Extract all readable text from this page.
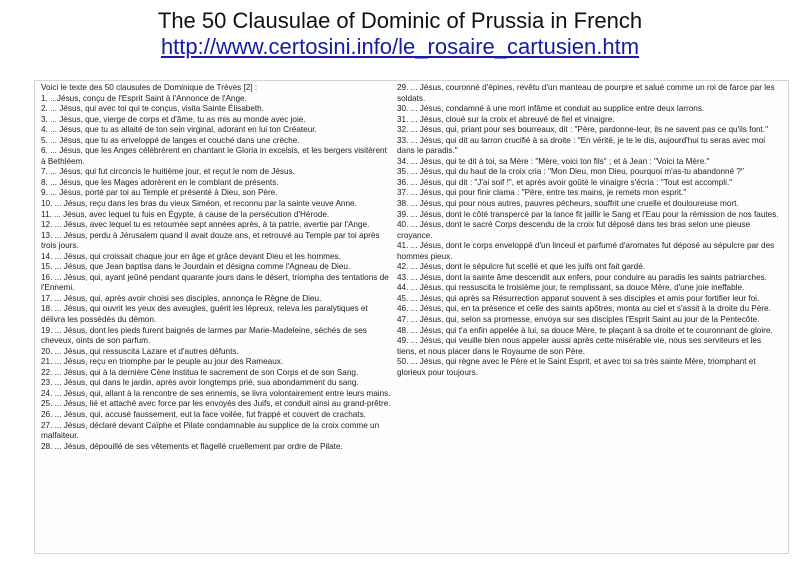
The 50 Clausulae of Dominic of Prussia in French
http://www.certosini.info/le_rosaire_cartusien.htm

Voici le texte des 50 clausules de Dominique de Trèves [2] :

1. ...Jésus, conçu de l'Esprit Saint à l'Annonce de l'Ange.

2. ... Jésus, qui avec toi qui te conçus, visita Sainte Élisabeth.

3. ... Jésus, que, vierge de corps et d'âme, tu as mis au monde avec joie.

4. ... Jésus, que tu as allaité de ton sein virginal, adorant en lui ton Créateur.

5. ... Jésus, que tu as enveloppé de langes et couché dans une crèche.

6. ... Jésus, que les Anges célébrèrent en chantant le Gloria in excelsis, et les bergers visitèrent à Bethléem.

7. ... Jésus, qui fut circoncis le huitième jour, et reçut le nom de Jésus.

8. ... Jésus, que les Mages adorèrent en le comblant de présents.

9. ... Jésus, porté par toi au Temple et présenté à Dieu, son Père.

10. ... Jésus, reçu dans les bras du vieux Siméon, et reconnu par la sainte veuve Anne.

11. ... Jésus, avec lequel tu fuis en Égypte, à cause de la persécution d'Hérode.

12. ... Jésus, avec lequel tu es retournée sept années après, à ta patrie, avertie par l'Ange.

13. ... Jésus, perdu à Jérusalem quand il avait douze ans, et retrouvé au Temple par toi après trois jours.

14. ... Jésus, qui croissait chaque jour en âge et grâce devant Dieu et les hommes.

15. ... Jésus, que Jean baptisa dans le Jourdain et désigna comme l'Agneau de Dieu.

16. ... Jésus, qui, ayant jeûné pendant quarante jours dans le désert, triompha des tentations de l'Ennemi.

17. ... Jésus, qui, après avoir choisi ses disciples, annonça le Règne de Dieu.

18. ... Jésus, qui ouvrit les yeux des aveugles, guérit les lépreux, releva les paralytiques et délivra les possédés du démon.

19. ... Jésus, dont les pieds furent baignés de larmes par Marie-Madeleine, séchés de ses cheveux, oints de son parfum.

20. ... Jésus, qui ressuscita Lazare et d'autres défunts.

21. ... Jésus, reçu en triomphe par le peuple au jour des Rameaux.

22. ... Jésus, qui à la dernière Cène institua le sacrement de son Corps et de son Sang.

23. ... Jésus, qui dans le jardin, après avoir longtemps prié, sua abondamment du sang.

24. ... Jésus, qui, allant à la rencontre de ses ennemis, se livra volontairement entre leurs mains.

25. ... Jésus, lié et attaché avec force par les envoyés des Juifs, et conduit ainsi au grand-prêtre.

26. ... Jésus, qui, accusé faussement, eut la face voilée, fut frappé et couvert de crachats.

27. ... Jésus, déclaré devant Caïphe et Pilate condamnable au supplice de la croix comme un malfaiteur.

28. ... Jésus, dépouillé de ses vêtements et flagellé cruellement par ordre de Pilate.

29. ... Jésus, couronné d'épines, revêtu d'un manteau de pourpre et salué comme un roi de farce par les soldats.

30. ... Jésus, condamné à une mort infâme et conduit au supplice entre deux larrons.

31. ... Jésus, cloué sur la croix et abreuvé de fiel et vinaigre.

32. ... Jésus, qui, priant pour ses bourreaux, dit : "Père, pardonne-leur, ils ne savent pas ce qu'ils font."

33. ... Jésus, qui dit au larron crucifié à sa droite : "En vérité, je te le dis, aujourd'hui tu seras avec moi dans le paradis."

34. ... Jésus, qui te dit à toi, sa Mère : "Mère, voici ton fils" ; et à Jean : "Voici ta Mère."

35. ... Jésus, qui du haut de la croix cria : "Mon Dieu, mon Dieu, pourquoi m'as-tu abandonné ?"

36. ... Jésus, qui dit : "J'ai soif !", et après avoir goûté le vinaigre s'écria : "Tout est accompli."

37. ... Jésus, qui pour finir clama : "Père, entre tes mains, je remets mon esprit."

38. ... Jésus, qui pour nous autres, pauvres pécheurs, souffrit une cruelle et douloureuse mort.

39. ... Jésus, dont le côté transpercé par la lance fit jaillir le Sang et l'Eau pour la rémission de nos fautes.

40. ... Jésus, dont le sacré Corps descendu de la croix fut déposé dans tes bras selon une pieuse croyance.

41. ... Jésus, dont le corps enveloppé d'un linceul et parfumé d'aromates fut déposé au sépulcre par des hommes pieux.

42. ... Jésus, dont le sépulcre fut scellé et que les juifs ont fait gardé.

43. ... Jésus, dont la sainte âme descendit aux enfers, pour conduire au paradis les saints patriarches.

44. ... Jésus, qui ressuscita le troisième jour, te remplissant, sa douce Mère, d'une joie ineffable.

45. ... Jésus, qui après sa Résurrection apparut souvent à ses disciples et amis pour fortifier leur foi.

46. ... Jésus, qui, en ta présence et celle des saints apôtres, monta au ciel et s'assit à la droite du Père.

47. ... Jésus, qui, selon sa promesse, envoya sur ses disciples l'Esprit Saint au jour de la Pentecôte.

48. ... Jésus, qui t'a enfin appelée à lui, sa douce Mère, te plaçant à sa droite et te couronnant de gloire.

49. ... Jésus, qui veuille bien nous appeler aussi après cette misérable vie, nous ses serviteurs et les tiens, et nous placer dans le Royaume de son Père.

50. ... Jésus, qui règne avec le Père et le Saint Esprit, et avec toi sa très sainte Mère, triomphant et glorieux pour toujours.
